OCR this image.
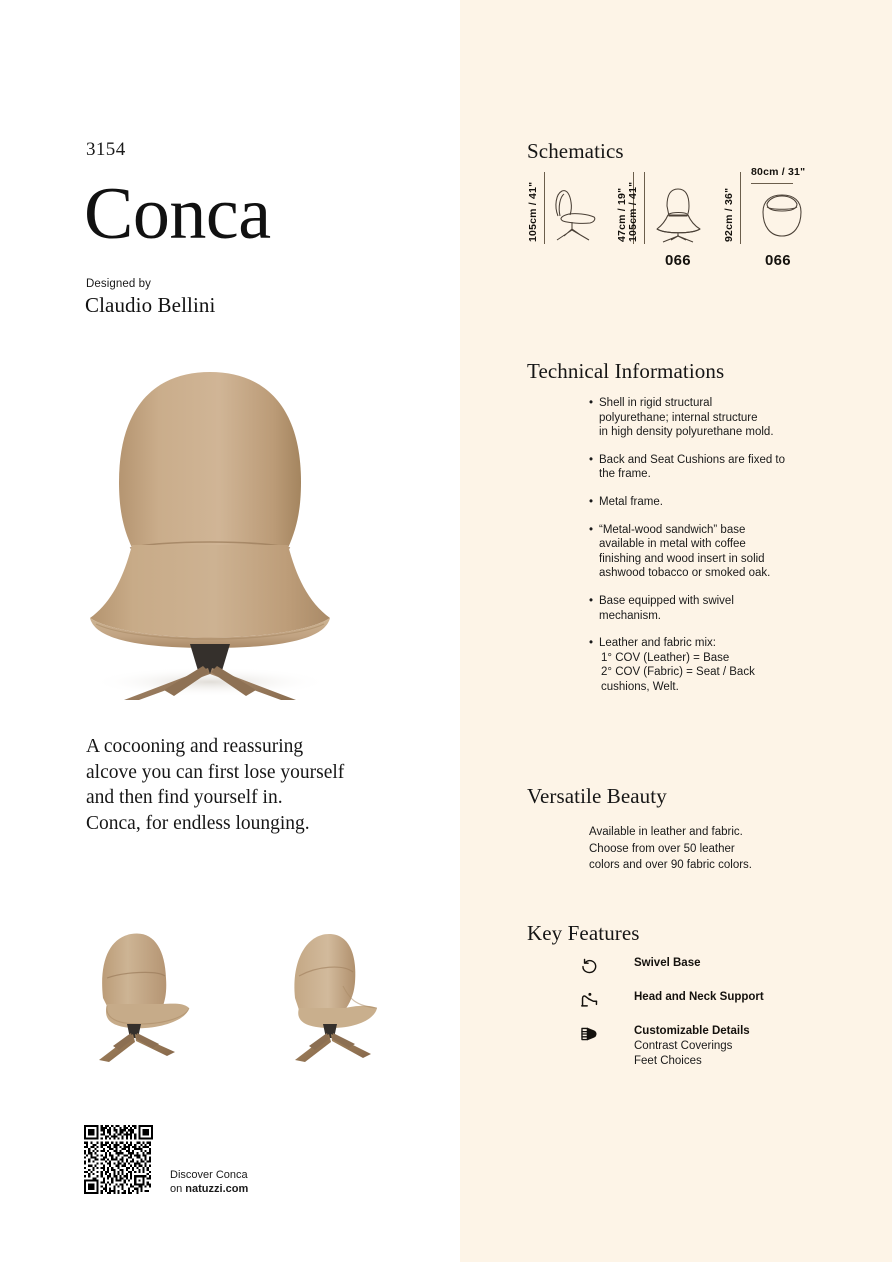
3154
Conca
Designed by
Claudio Bellini
A cocooning and reassuring
alcove you can first lose yourself
and then find yourself in.
Conca, for endless lounging.
Discover Conca
on natuzzi.com
Schematics
105cm / 41"	47cm / 19" 105cm / 41"
066
92cm / 36"
80cm / 31"
066
Technical Informations
• Shell in rigid structural
polyurethane; internal structure
in high density polyurethane mold.
• Back and Seat Cushions are fixed to
the frame.
• Metal frame.
• “Metal-wood sandwich” base
available in metal with coffee
finishing and wood insert in solid
ashwood tobacco or smoked oak.
• Base equipped with swivel
mechanism.
• Leather and fabric mix:
1° COV (Leather) = Base
2° COV (Fabric) = Seat / Back
cushions, Welt.
Versatile Beauty
Available in leather and fabric.
Choose from over 50 leather
colors and over 90 fabric colors.
Key Features
Swivel Base
Head and Neck Support
Customizable Details
Contrast Coverings
Feet Choices
